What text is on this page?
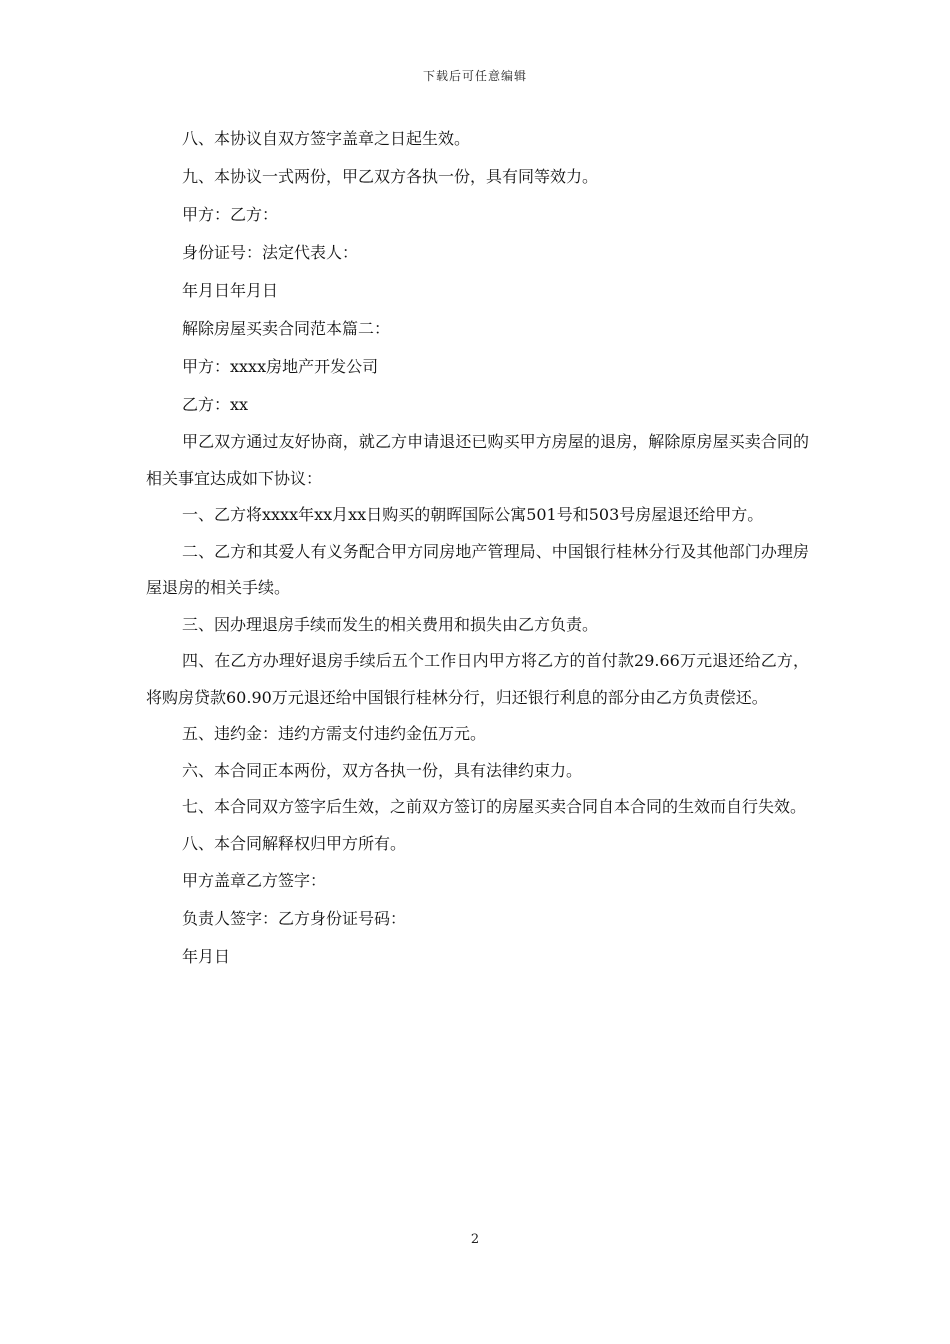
下载后可任意编辑
八、本协议自双方签字盖章之日起生效。
九、本协议一式两份，甲乙双方各执一份，具有同等效力。
甲方：乙方：
身份证号：法定代表人：
年月日年月日
解除房屋买卖合同范本篇二：
甲方：xxxx房地产开发公司
乙方：xx

甲乙双方通过友好协商，就乙方申请退还已购买甲方房屋的退房，解除原房屋买卖合同的相关事宜达成如下协议：

一、乙方将xxxx年xx月xx日购买的朝晖国际公寓501号和503号房屋退还给甲方。

二、乙方和其爱人有义务配合甲方同房地产管理局、中国银行桂林分行及其他部门办理房屋退房的相关手续。

三、因办理退房手续而发生的相关费用和损失由乙方负责。

四、在乙方办理好退房手续后五个工作日内甲方将乙方的首付款29.66万元退还给乙方，将购房贷款60.90万元退还给中国银行桂林分行，归还银行利息的部分由乙方负责偿还。

五、违约金：违约方需支付违约金伍万元。

六、本合同正本两份，双方各执一份，具有法律约束力。

七、本合同双方签字后生效，之前双方签订的房屋买卖合同自本合同的生效而自行失效。

八、本合同解释权归甲方所有。

甲方盖章乙方签字：
负责人签字：乙方身份证号码：
年月日
2
